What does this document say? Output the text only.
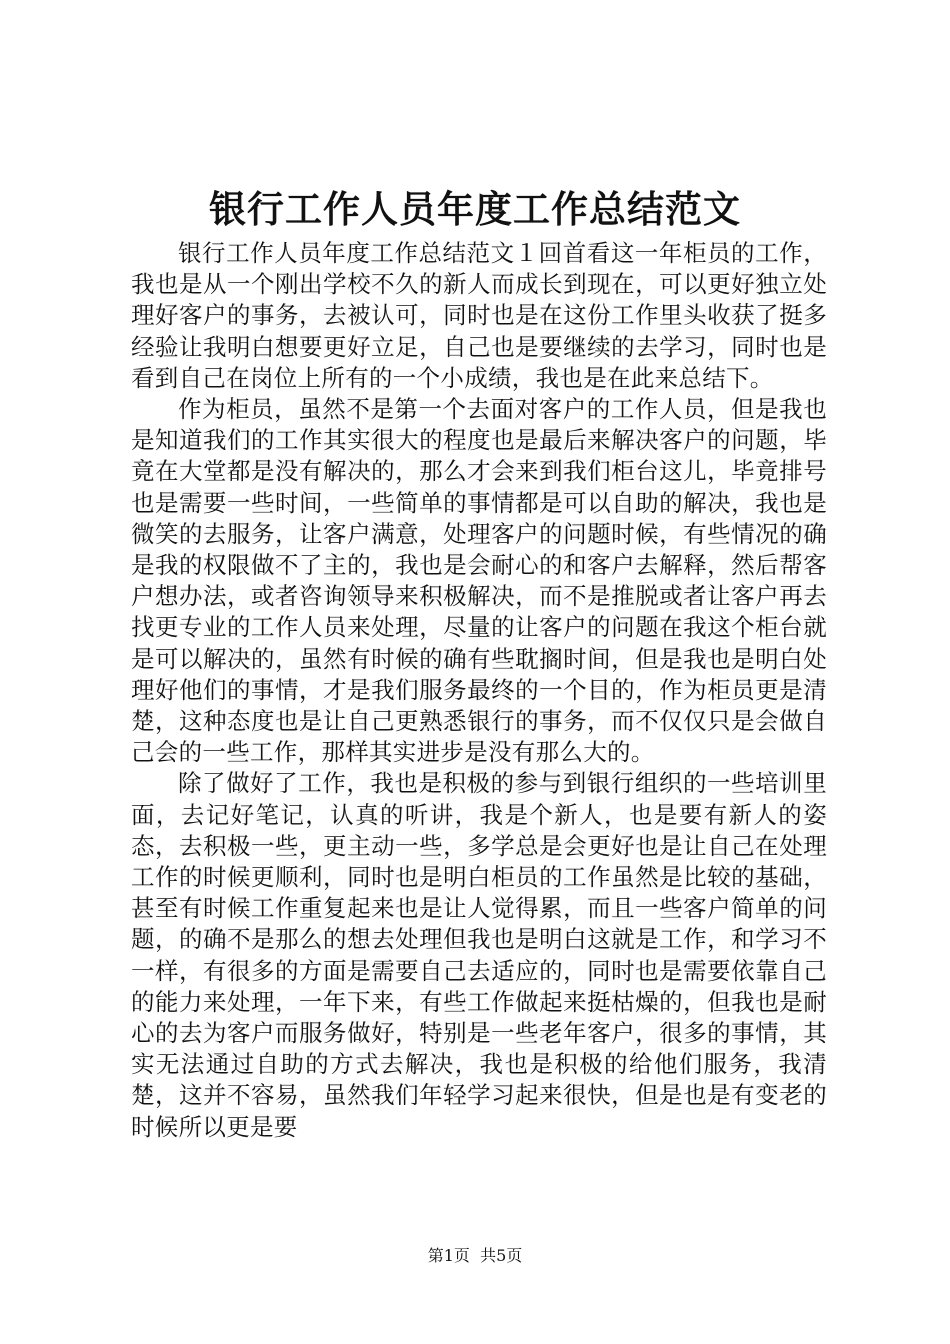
银行工作人员年度工作总结范文

银行工作人员年度工作总结范文１回首看这一年柜员的工作，我也是从一个刚出学校不久的新人而成长到现在，可以更好独立处理好客户的事务，去被认可，同时也是在这份工作里头收获了挺多经验让我明白想要更好立足，自己也是要继续的去学习，同时也是看到自己在岗位上所有的一个小成绩，我也是在此来总结下。

作为柜员，虽然不是第一个去面对客户的工作人员，但是我也是知道我们的工作其实很大的程度也是最后来解决客户的问题，毕竟在大堂都是没有解决的，那么才会来到我们柜台这儿，毕竟排号也是需要一些时间，一些简单的事情都是可以自助的解决，我也是微笑的去服务，让客户满意，处理客户的问题时候，有些情况的确是我的权限做不了主的，我也是会耐心的和客户去解释，然后帮客户想办法，或者咨询领导来积极解决，而不是推脱或者让客户再去找更专业的工作人员来处理，尽量的让客户的问题在我这个柜台就是可以解决的，虽然有时候的确有些耽搁时间，但是我也是明白处理好他们的事情，才是我们服务最终的一个目的，作为柜员更是清楚，这种态度也是让自己更熟悉银行的事务，而不仅仅只是会做自己会的一些工作，那样其实进步是没有那么大的。

除了做好了工作，我也是积极的参与到银行组织的一些培训里面，去记好笔记，认真的听讲，我是个新人，也是要有新人的姿态，去积极一些，更主动一些，多学总是会更好也是让自己在处理工作的时候更顺利，同时也是明白柜员的工作虽然是比较的基础，甚至有时候工作重复起来也是让人觉得累，而且一些客户简单的问题，的确不是那么的想去处理但我也是明白这就是工作，和学习不一样，有很多的方面是需要自己去适应的，同时也是需要依靠自己的能力来处理，一年下来，有些工作做起来挺枯燥的，但我也是耐心的去为客户而服务做好，特别是一些老年客户，很多的事情，其实无法通过自助的方式去解决，我也是积极的给他们服务，我清楚，这并不容易，虽然我们年轻学习起来很快，但是也是有变老的时候所以更是要

第1页 共5页
